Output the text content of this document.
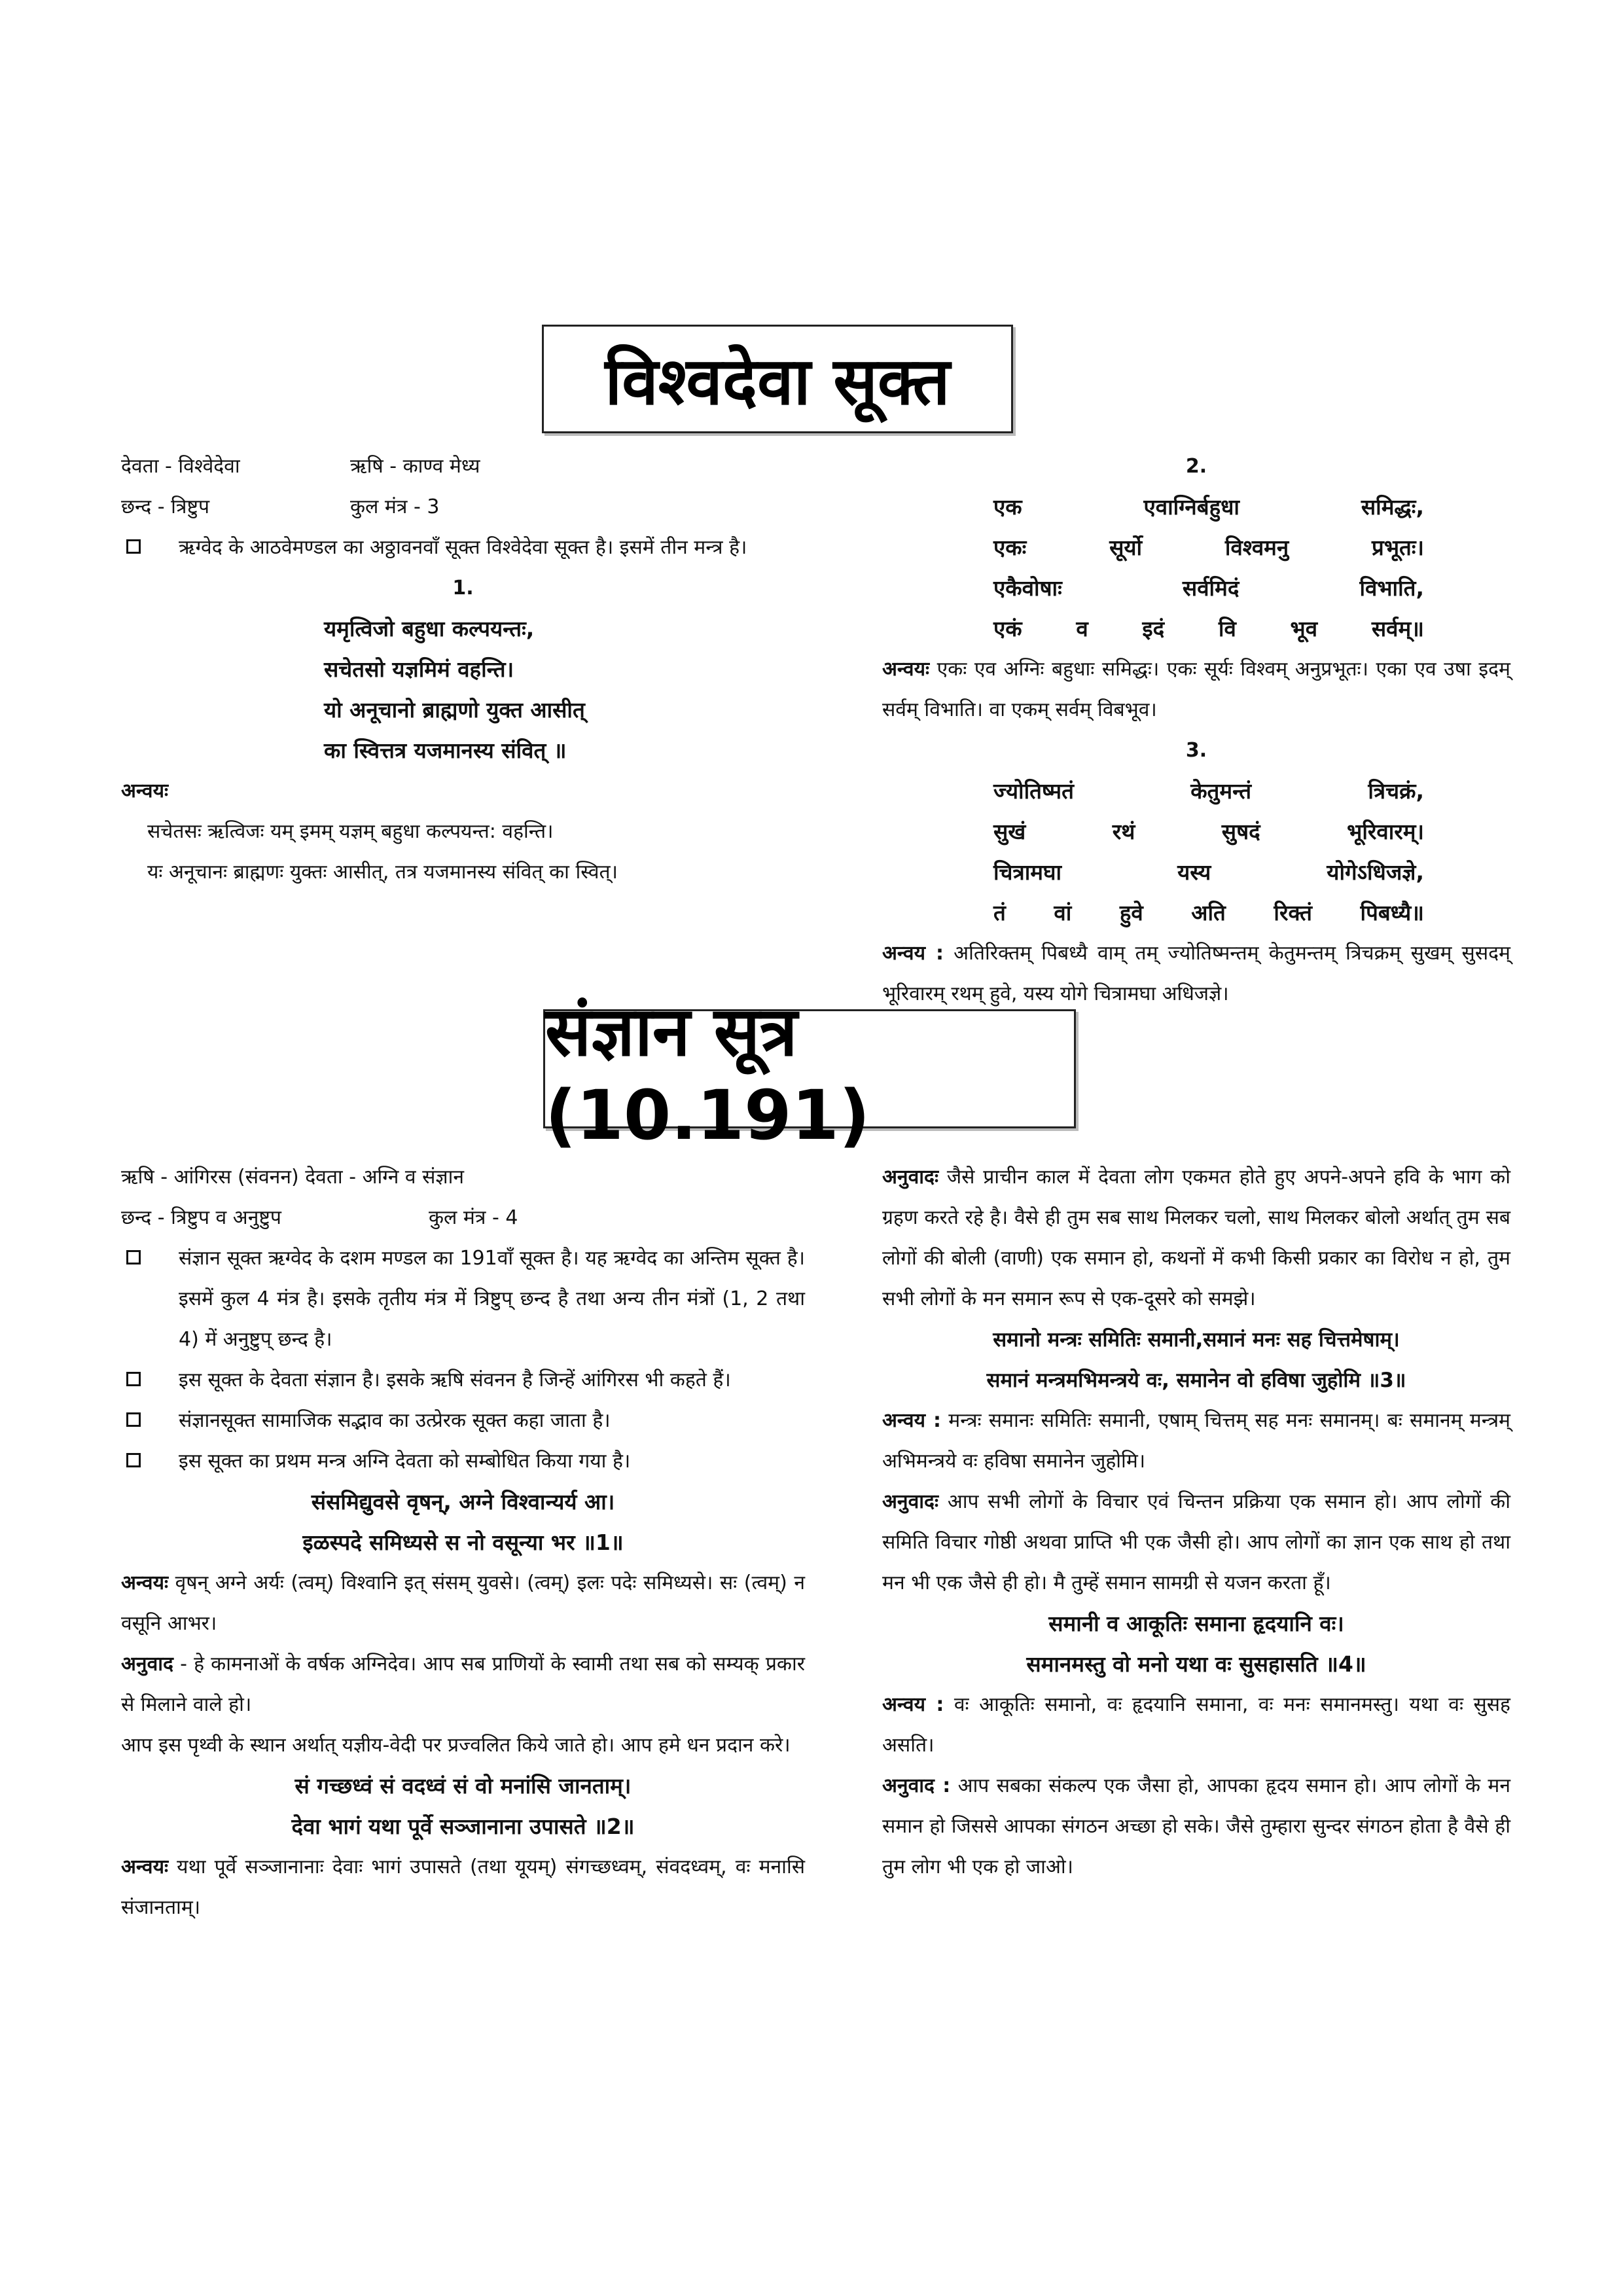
विश्वदेवा सूक्त
देवता - विश्वेदेवा	ऋषि - काण्व मेध्य
छन्द - त्रिष्टुप	कुल मंत्र - 3
ऋग्वेद के आठवेमण्डल का अठ्ठावनवाँ सूक्त विश्वेदेवा सूक्त है। इसमें तीन मन्त्र है।
1.
यमृत्विजो बहुधा कल्पयन्तः,
सचेतसो यज्ञमिमं वहन्ति।
यो अनूचानो ब्राह्मणो युक्त आसीत्
का स्वित्तत्र यजमानस्य संवित् ॥
अन्वयः
सचेतसः ऋत्विजः यम् इमम् यज्ञम् बहुधा कल्पयन्त: वहन्ति।
यः अनूचानः ब्राह्मणः युक्तः आसीत्, तत्र यजमानस्य संवित् का स्वित्।
2.
एक एवाग्निर्बहुधा समिद्धः,
एकः सूर्यो विश्वमनु प्रभूतः।
एकैवोषाः सर्वमिदं विभाति,
एकं व इदं वि भूव सर्वम्॥
अन्वयः एकः एव अग्निः बहुधाः समिद्धः। एकः सूर्यः विश्वम् अनुप्रभूतः। एका एव उषा इदम् सर्वम् विभाति। वा एकम् सर्वम् विबभूव।
3.
ज्योतिष्मतं केतुमन्तं त्रिचक्रं,
सुखं रथं सुषदं भूरिवारम्।
चित्रामघा यस्य योगेऽधिजज्ञे,
तं वां हुवे अति रिक्तं पिबध्यै॥
अन्वय : अतिरिक्तम् पिबध्यै वाम् तम् ज्योतिष्मन्तम् केतुमन्तम् त्रिचक्रम् सुखम् सुसदम् भूरिवारम् रथम् हुवे, यस्य योगे चित्रामघा अधिजज्ञे।
संज्ञान सूत्र (10.191)
ऋषि - आंगिरस (संवनन) देवता - अग्नि व संज्ञान
छन्द - त्रिष्टुप व अनुष्टुप	कुल मंत्र - 4
संज्ञान सूक्त ऋग्वेद के दशम मण्डल का 191वाँ सूक्त है। यह ऋग्वेद का अन्तिम सूक्त है। इसमें कुल 4 मंत्र है। इसके तृतीय मंत्र में त्रिष्टुप् छन्द है तथा अन्य तीन मंत्रों (1, 2 तथा 4) में अनुष्टुप् छन्द है।
इस सूक्त के देवता संज्ञान है। इसके ऋषि संवनन है जिन्हें आंगिरस भी कहते हैं।
संज्ञानसूक्त सामाजिक सद्भाव का उत्प्रेरक सूक्त कहा जाता है।
इस सूक्त का प्रथम मन्त्र अग्नि देवता को सम्बोधित किया गया है।
संसमिद्युवसे वृषन्, अग्ने विश्वान्यर्य आ।
इळस्पदे समिध्यसे स नो वसून्या भर ॥1॥
अन्वयः वृषन् अग्ने अर्यः (त्वम्) विश्वानि इत् संसम् युवसे। (त्वम्) इलः पदेः समिध्यसे। सः (त्वम्) न वसूनि आभर।
अनुवाद - हे कामनाओं के वर्षक अग्निदेव। आप सब प्राणियों के स्वामी तथा सब को सम्यक् प्रकार से मिलाने वाले हो।
आप इस पृथ्वी के स्थान अर्थात् यज्ञीय-वेदी पर प्रज्वलित किये जाते हो। आप हमे धन प्रदान करे।
सं गच्छध्वं सं वदध्वं सं वो मनांसि जानताम्।
देवा भागं यथा पूर्वे सञ्जानाना उपासते ॥2॥
अन्वयः यथा पूर्वे सञ्जानानाः देवाः भागं उपासते (तथा यूयम्) संगच्छध्वम्, संवदध्वम्, वः मनासि संजानताम्।
अनुवादः जैसे प्राचीन काल में देवता लोग एकमत होते हुए अपने-अपने हवि के भाग को ग्रहण करते रहे है। वैसे ही तुम सब साथ मिलकर चलो, साथ मिलकर बोलो अर्थात् तुम सब लोगों की बोली (वाणी) एक समान हो, कथनों में कभी किसी प्रकार का विरोध न हो, तुम सभी लोगों के मन समान रूप से एक-दूसरे को समझे।
समानो मन्त्रः समितिः समानी,समानं मनः सह चित्तमेषाम्।
समानं मन्त्रमभिमन्त्रये वः, समानेन वो हविषा जुहोमि ॥3॥
अन्वय : मन्त्रः समानः समितिः समानी, एषाम् चित्तम् सह मनः समानम्। बः समानम् मन्त्रम् अभिमन्त्रये वः हविषा समानेन जुहोमि।
अनुवादः आप सभी लोगों के विचार एवं चिन्तन प्रक्रिया एक समान हो। आप लोगों की समिति विचार गोष्ठी अथवा प्राप्ति भी एक जैसी हो। आप लोगों का ज्ञान एक साथ हो तथा मन भी एक जैसे ही हो। मै तुम्हें समान सामग्री से यजन करता हूँ।
समानी व आकूतिः समाना हृदयानि वः।
समानमस्तु वो मनो यथा वः सुसहासति ॥4॥
अन्वय : वः आकूतिः समानो, वः हृदयानि समाना, वः मनः समानमस्तु। यथा वः सुसह असति।
अनुवाद : आप सबका संकल्प एक जैसा हो, आपका हृदय समान हो। आप लोगों के मन समान हो जिससे आपका संगठन अच्छा हो सके। जैसे तुम्हारा सुन्दर संगठन होता है वैसे ही तुम लोग भी एक हो जाओ।
